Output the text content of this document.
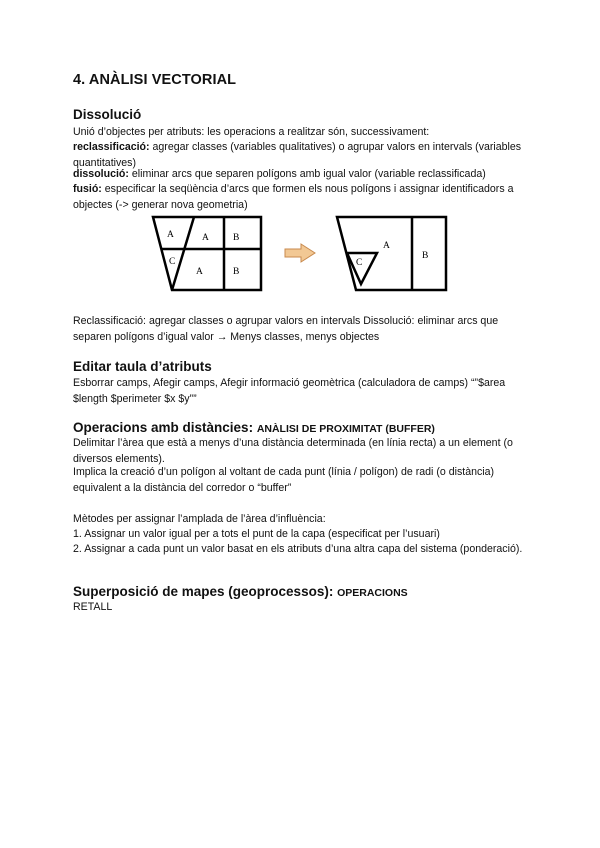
4. ANÀLISI VECTORIAL
Dissolució

Unió d’objectes per atributs: les operacions a realitzar són, successivament:

reclassificació: agregar classes (variables qualitatives) o agrupar valors en intervals (variables quantitatives)

dissolució: eliminar arcs que separen polígons amb igual valor (variable reclassificada)

fusió: especificar la seqüència d’arcs que formen els nous polígons i assignar identificadors a objectes (-> generar nova geometria)

A	A	B
C
A	B
C
A
B

Reclassificació: agregar classes o agrupar valors en intervals Dissolució: eliminar arcs que separen polígons d’igual valor → Menys classes, menys objectes

Editar taula d’atributs

Esborrar camps, Afegir camps, Afegir informació geomètrica (calculadora de camps) “”$area $length $perimeter $x $y””

Operacions amb distàncies: ANÀLISI DE PROXIMITAT (BUFFER)

Delimitar l’àrea que està a menys d’una distància determinada (en línia recta) a un element (o diversos elements).

Implica la creació d’un polígon al voltant de cada punt (línia / polígon) de radi (o distància) equivalent a la distància del corredor o “buffer”

Mètodes per assignar l’amplada de l’àrea d’influència:

1. Assignar un valor igual per a tots el punt de la capa (especificat per l’usuari)

2. Assignar a cada punt un valor basat en els atributs d’una altra capa del sistema (ponderació).

Superposició de mapes (geoprocessos): OPERACIONS

RETALL
